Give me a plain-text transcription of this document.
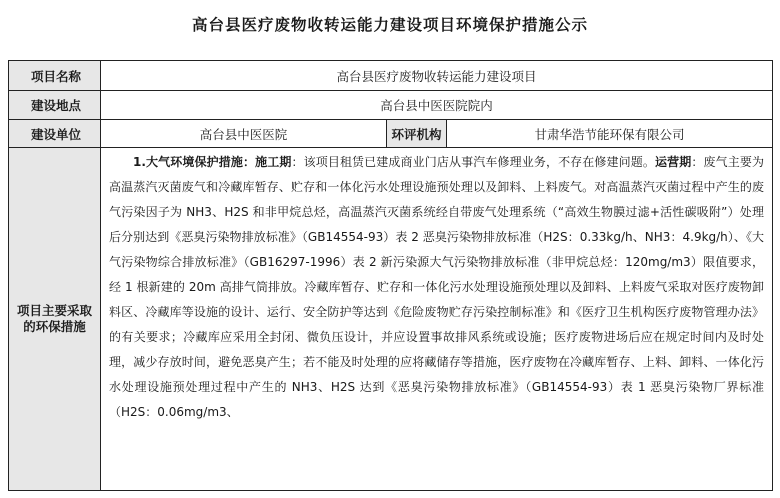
高台县医疗废物收转运能力建设项目环境保护措施公示
项目名称	高台县医疗废物收转运能力建设项目		
建设地点	高台县中医医院院内		
建设单位	高台县中医医院	环评机构	甘肃华浩节能环保有限公司

项目主要采取的环保措施	1.大气环境保护措施：施工期：该项目租赁已建成商业门店从事汽车修理业务，不存在修建问题。运营期：废气主要为高温蒸汽灭菌废气和冷藏库暂存、贮存和一体化污水处理设施预处理以及卸料、上料废气。对高温蒸汽灭菌过程中产生的废气污染因子为 NH3、H2S 和非甲烷总烃，高温蒸汽灭菌系统经自带废气处理系统（“高效生物膜过滤+活性碳吸附”）处理后分别达到《恶臭污染物排放标准》（GB14554-93）表 2 恶臭污染物排放标准（H2S：0.33kg/h、NH3：4.9kg/h）、《大气污染物综合排放标准》（GB16297-1996）表 2 新污染源大气污染物排放标准（非甲烷总烃：120mg/m3）限值要求，经 1 根新建的 20m 高排气筒排放。冷藏库暂存、贮存和一体化污水处理设施预处理以及卸料、上料废气采取对医疗废物卸料区、冷藏库等设施的设计、运行、安全防护等达到《危险废物贮存污染控制标准》和《医疗卫生机构医疗废物管理办法》的有关要求；冷藏库应采用全封闭、微负压设计，并应设置事故排风系统或设施；医疗废物进场后应在规定时间内及时处理，减少存放时间，避免恶臭产生；若不能及时处理的应将藏储存等措施，医疗废物在冷藏库暂存、上料、卸料、一体化污水处理设施预处理过程中产生的 NH3、H2S 达到《恶臭污染物排放标准》（GB14554-93）表 1 恶臭污染物厂界标准（H2S：0.06mg/m3、		
